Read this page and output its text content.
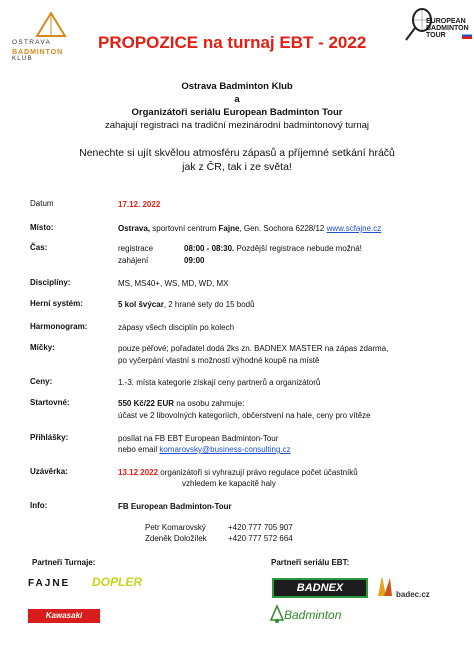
OSTRAVA
BADMINTON
KLUB
PROPOZICE na turnaj EBT - 2022
EUROPEAN
BADMINTON
TOUR
Ostrava Badminton Klub
a
Organizátoři seriálu European Badminton Tour
zahajují registraci na tradiční mezinárodní badmintonový turnaj
Nenechte si ujít skvělou atmosféru zápasů a příjemné setkání hráčů
jak z ČR, tak i ze světa!
Datum	17.12. 2022
Místo:	Ostrava, sportovní centrum Fajne, Gen. Sochora 6228/12 www.scfajne.cz
Čas:	registrace	08:00 - 08:30. Pozdější registrace nebude možná!
zahájení	09:00
Disciplíny:	MS, MS40+, WS, MD, WD, MX
Herní systém:	5 kol švýcar, 2 hrané sety do 15 bodů
Harmonogram:	zápasy všech disciplín po kolech
Míčky:	pouze péřové; pořadatel dodá 2ks zn. BADNEX MASTER na zápas zdarma,
po vyčerpání vlastní s možností výhodné koupě na místě
Ceny:	1.-3. místa kategorie získají ceny partnerů a organizátorů
Startovné:	550 Kč/22 EUR na osobu zahrnuje:
účast ve 2 libovolných kategoriích, občerstvení na hale, ceny pro vítěze
Přihlášky:	posílat na FB EBT European Badminton-Tour
nebo email komarovsky@business-consulting.cz
Uzávěrka:	13.12 2022 organizátoři si vyhrazují právo regulace počet účastníků
vzhledem ke kapacitě haly
Info:	FB European Badminton-Tour
Petr Komarovský	+420 777 705 907
Zdeněk Doložílek	+420 777 572 664
Partneři Turnaje:	Partneři seriálu EBT:
FAJNE DOPLER
Kawasaki
BADNEX
badec.cz
Badminton
